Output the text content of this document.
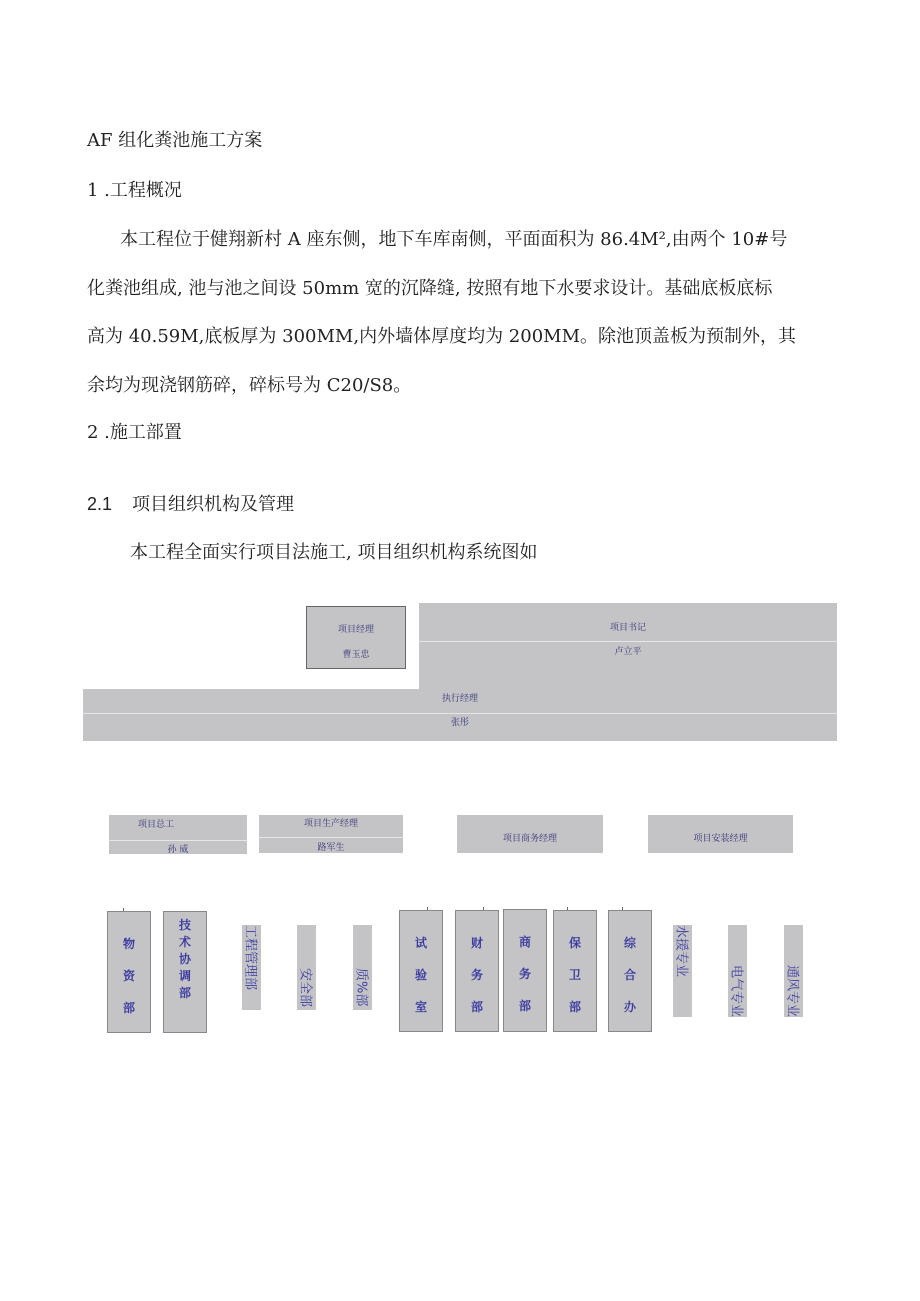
AF 组化粪池施工方案
1 .工程概况
本工程位于健翔新村 A 座东侧，地下车库南侧，平面面积为 86.4M²,由两个 10#号
化粪池组成, 池与池之间设 50mm 宽的沉降缝, 按照有地下水要求设计。基础底板底标
高为 40.59M,底板厚为 300MM,内外墙体厚度均为 200MM。除池顶盖板为预制外，其
余均为现浇钢筋碎，碎标号为 C20/S8。
2 .施工部置
2.1 项目组织机构及管理
本工程全面实行项目法施工, 项目组织机构系统图如
项目经理
曹玉忠
项目书记
卢立平
执行经理
张彤
项目总工
孙 威
项目生产经理
路军生
项目商务经理	项目安装经理
物
资
部
技
术
协
调
部
工程管理部	安全部	质%部
试
验
室
财
务
部
商
务
部
保
卫
部
综
合
办
水援专业
电气专业	通风专业
